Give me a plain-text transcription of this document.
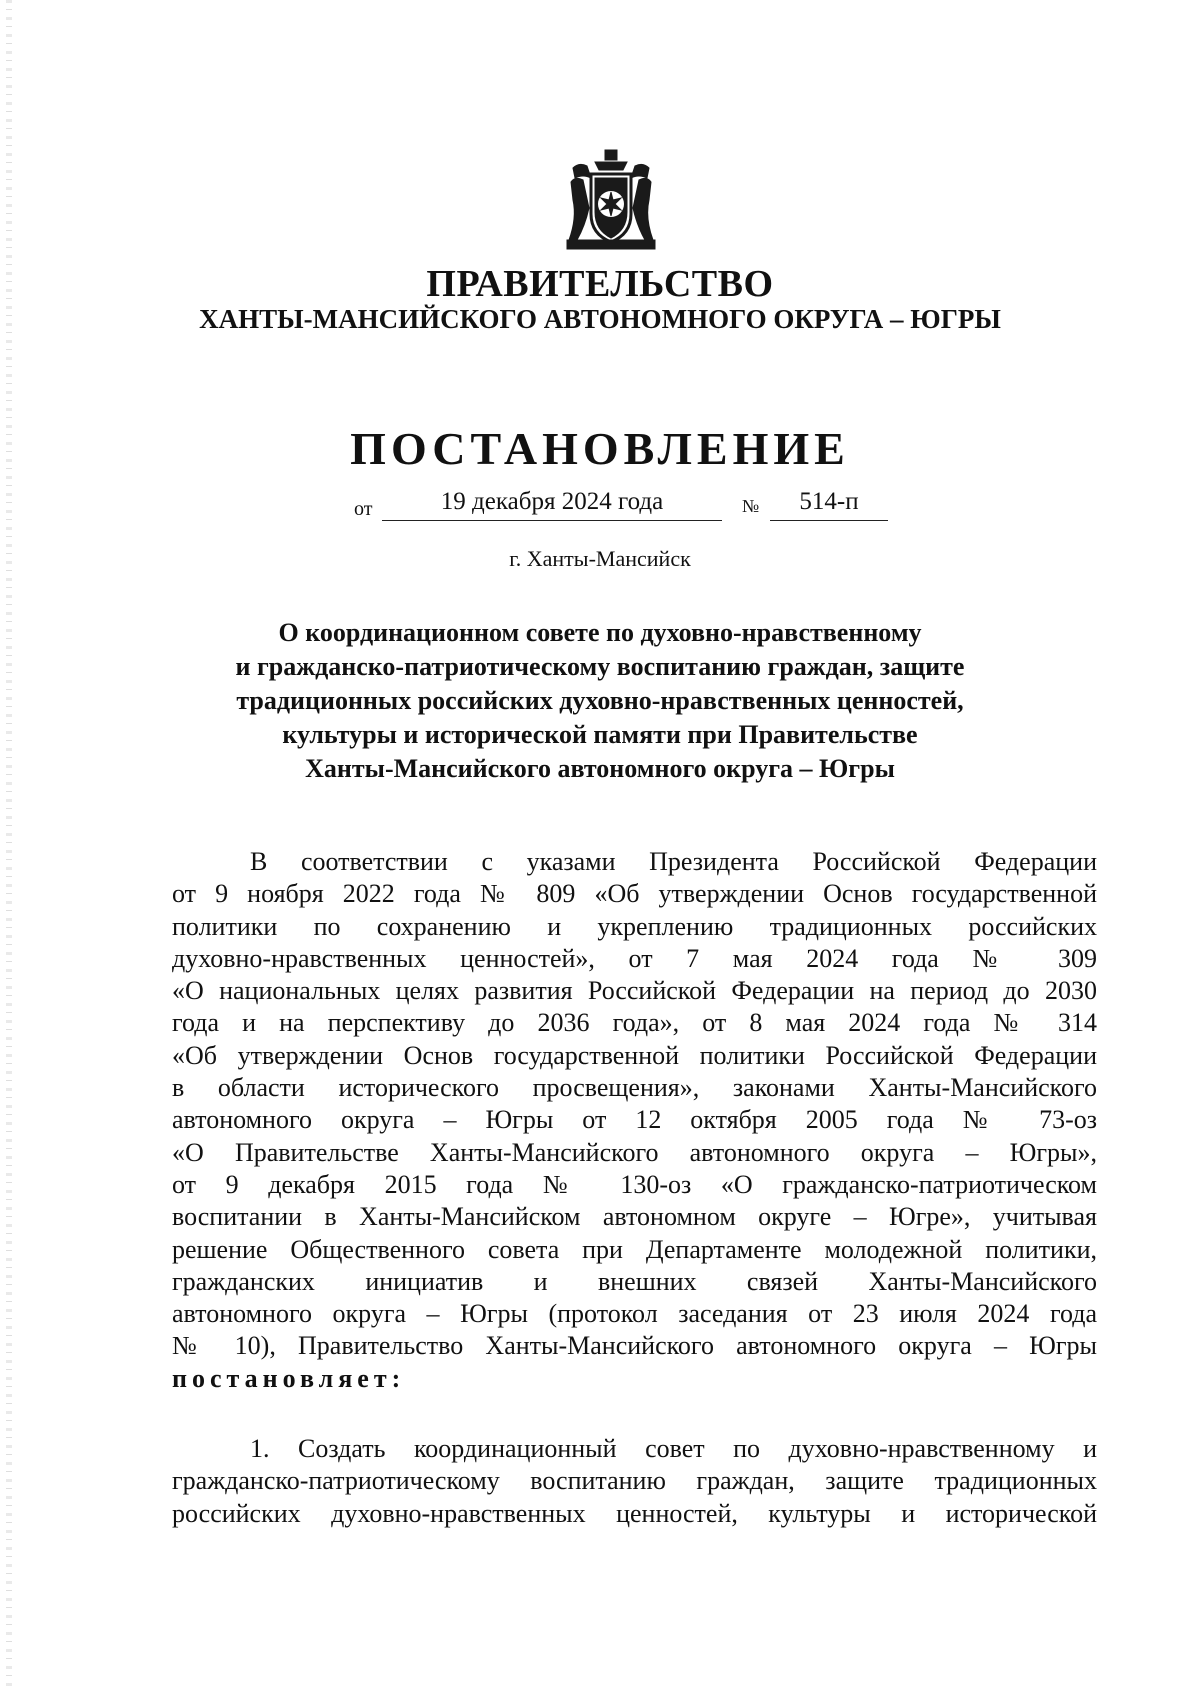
ПРАВИТЕЛЬСТВО
ХАНТЫ-МАНСИЙСКОГО АВТОНОМНОГО ОКРУГА – ЮГРЫ
ПОСТАНОВЛЕНИЕ
от	19 декабря 2024 года	№	514-п
г. Ханты-Мансийск
О координационном совете по духовно-нравственному
и гражданско-патриотическому воспитанию граждан, защите
традиционных российских духовно-нравственных ценностей,
культуры и исторической памяти при Правительстве
Ханты-Мансийского автономного округа – Югры
В соответствии с указами Президента Российской Федерации
от 9 ноября 2022 года № 809 «Об утверждении Основ государственной
политики по сохранению и укреплению традиционных российских
духовно-нравственных ценностей», от 7 мая 2024 года № 309
«О национальных целях развития Российской Федерации на период до 2030
года и на перспективу до 2036 года», от 8 мая 2024 года № 314
«Об утверждении Основ государственной политики Российской Федерации
в области исторического просвещения», законами Ханты-Мансийского
автономного округа – Югры от 12 октября 2005 года № 73-оз
«О Правительстве Ханты-Мансийского автономного округа – Югры»,
от 9 декабря 2015 года № 130-оз «О гражданско-патриотическом
воспитании в Ханты-Мансийском автономном округе – Югре», учитывая
решение Общественного совета при Департаменте молодежной политики,
гражданских инициатив и внешних связей Ханты-Мансийского
автономного округа – Югры (протокол заседания от 23 июля 2024 года
№ 10), Правительство Ханты-Мансийского автономного округа – Югры
постановляет:
1. Создать координационный совет по духовно-нравственному и
гражданско-патриотическому воспитанию граждан, защите традиционных
российских духовно-нравственных ценностей, культуры и исторической
